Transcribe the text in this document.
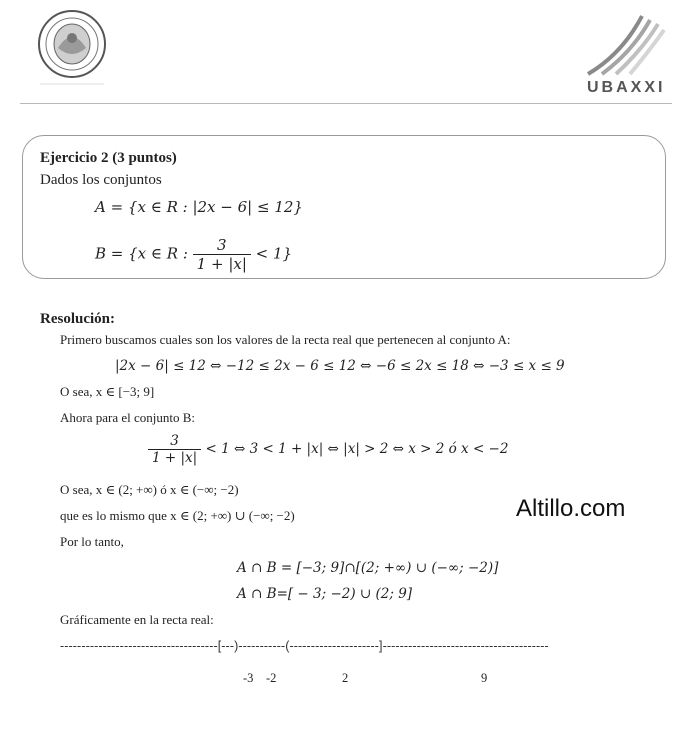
UBAXXI
Ejercicio 2 (3 puntos)
Dados los conjuntos
A = {x ∈ R : |2x − 6| ≤ 12}
B = {x ∈ R : $\frac{3}{1 + |x|} < 1$}
Resolución:
Primero buscamos cuales son los valores de la recta real que pertenecen al conjunto A:
|2x − 6| ≤ 12 ⇔ −12 ≤ 2x − 6 ≤ 12 ⇔ −6 ≤ 2x ≤ 18 ⇔ −3 ≤ x ≤ 9
O sea, x ∈ [−3; 9]
Ahora para el conjunto B:
$\frac{3}{1 + |x|} < 1$ ⇔ 3 < 1 + |x| ⇔ |x| > 2 ⇔ x > 2 ó x < −2
O sea, x ∈ (2; +∞) ó x ∈ (−∞; −2)
que es lo mismo que x ∈ (2; +∞) ∪ (−∞; −2)
Por lo tanto,
A ∩ B = [−3; 9]∩[(2; +∞) ∪ (−∞; −2)]
A ∩ B=[ − 3; −2) ∪ (2; 9]
Gráficamente en la recta real:
-------------------------------------[---)-----------(---------------------]---------------------------------------
-3 -2	2	9
Altillo.com
